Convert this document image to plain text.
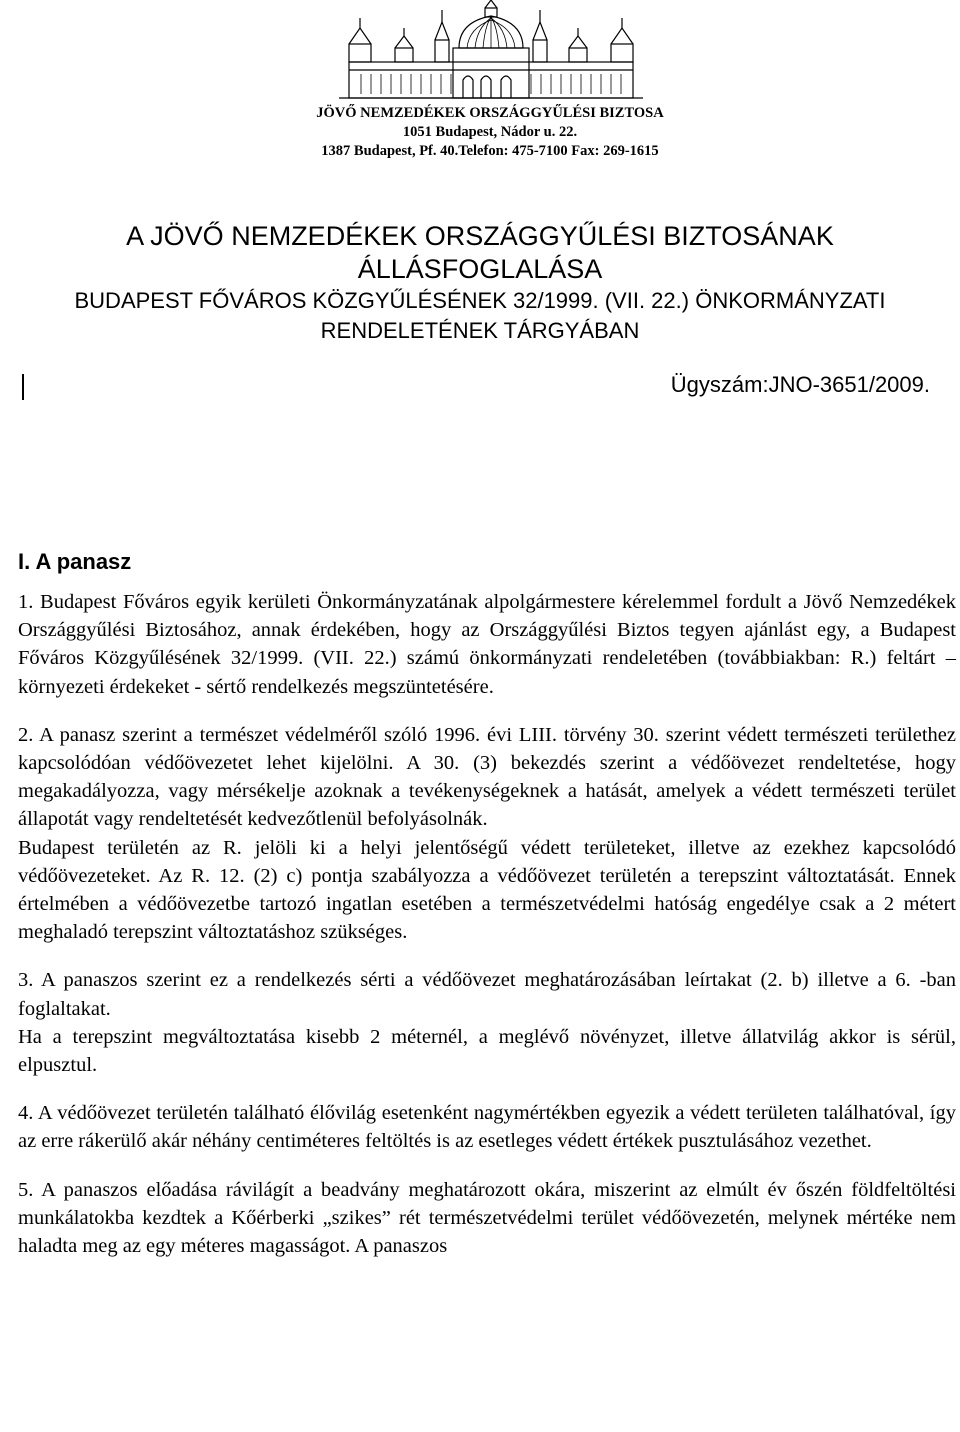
JÖVŐ NEMZEDÉKEK ORSZÁGGYŰLÉSI BIZTOSA
1051 Budapest, Nádor u. 22.
1387 Budapest, Pf. 40.Telefon: 475-7100 Fax: 269-1615
A JÖVŐ NEMZEDÉKEK ORSZÁGGYŰLÉSI BIZTOSÁNAK
ÁLLÁSFOGLALÁSA
BUDAPEST FŐVÁROS KÖZGYŰLÉSÉNEK 32/1999. (VII. 22.) ÖNKORMÁNYZATI
RENDELETÉNEK TÁRGYÁBAN
Ügyszám:JNO-3651/2009.
I. A panasz

1. Budapest Főváros egyik kerületi Önkormányzatának alpolgármestere kérelemmel fordult a Jövő Nemzedékek Országgyűlési Biztosához, annak érdekében, hogy az Országgyűlési Biztos tegyen ajánlást egy, a Budapest Főváros Közgyűlésének 32/1999. (VII. 22.) számú önkormányzati rendeletében (továbbiakban: R.) feltárt – környezeti érdekeket - sértő rendelkezés megszüntetésére.

2. A panasz szerint a természet védelméről szóló 1996. évi LIII. törvény 30. szerint védett természeti területhez kapcsolódóan védőövezetet lehet kijelölni. A 30. (3) bekezdés szerint a védőövezet rendeltetése, hogy megakadályozza, vagy mérsékelje azoknak a tevékenységeknek a hatását, amelyek a védett természeti terület állapotát vagy rendeltetését kedvezőtlenül befolyásolnák.

Budapest területén az R. jelöli ki a helyi jelentőségű védett területeket, illetve az ezekhez kapcsolódó védőövezeteket. Az R. 12. (2) c) pontja szabályozza a védőövezet területén a terepszint változtatását. Ennek értelmében a védőövezetbe tartozó ingatlan esetében a természetvédelmi hatóság engedélye csak a 2 métert meghaladó terepszint változtatáshoz szükséges.

3. A panaszos szerint ez a rendelkezés sérti a védőövezet meghatározásában leírtakat (2. b) illetve a 6. -ban foglaltakat.

Ha a terepszint megváltoztatása kisebb 2 méternél, a meglévő növényzet, illetve állatvilág akkor is sérül, elpusztul.

4. A védőövezet területén található élővilág esetenként nagymértékben egyezik a védett területen találhatóval, így az erre rákerülő akár néhány centiméteres feltöltés is az esetleges védett értékek pusztulásához vezethet.

5. A panaszos előadása rávilágít a beadvány meghatározott okára, miszerint az elmúlt év őszén földfeltöltési munkálatokba kezdtek a Kőérberki „szikes” rét természetvédelmi terület védőövezetén, melynek mértéke nem haladta meg az egy méteres magasságot. A panaszos
